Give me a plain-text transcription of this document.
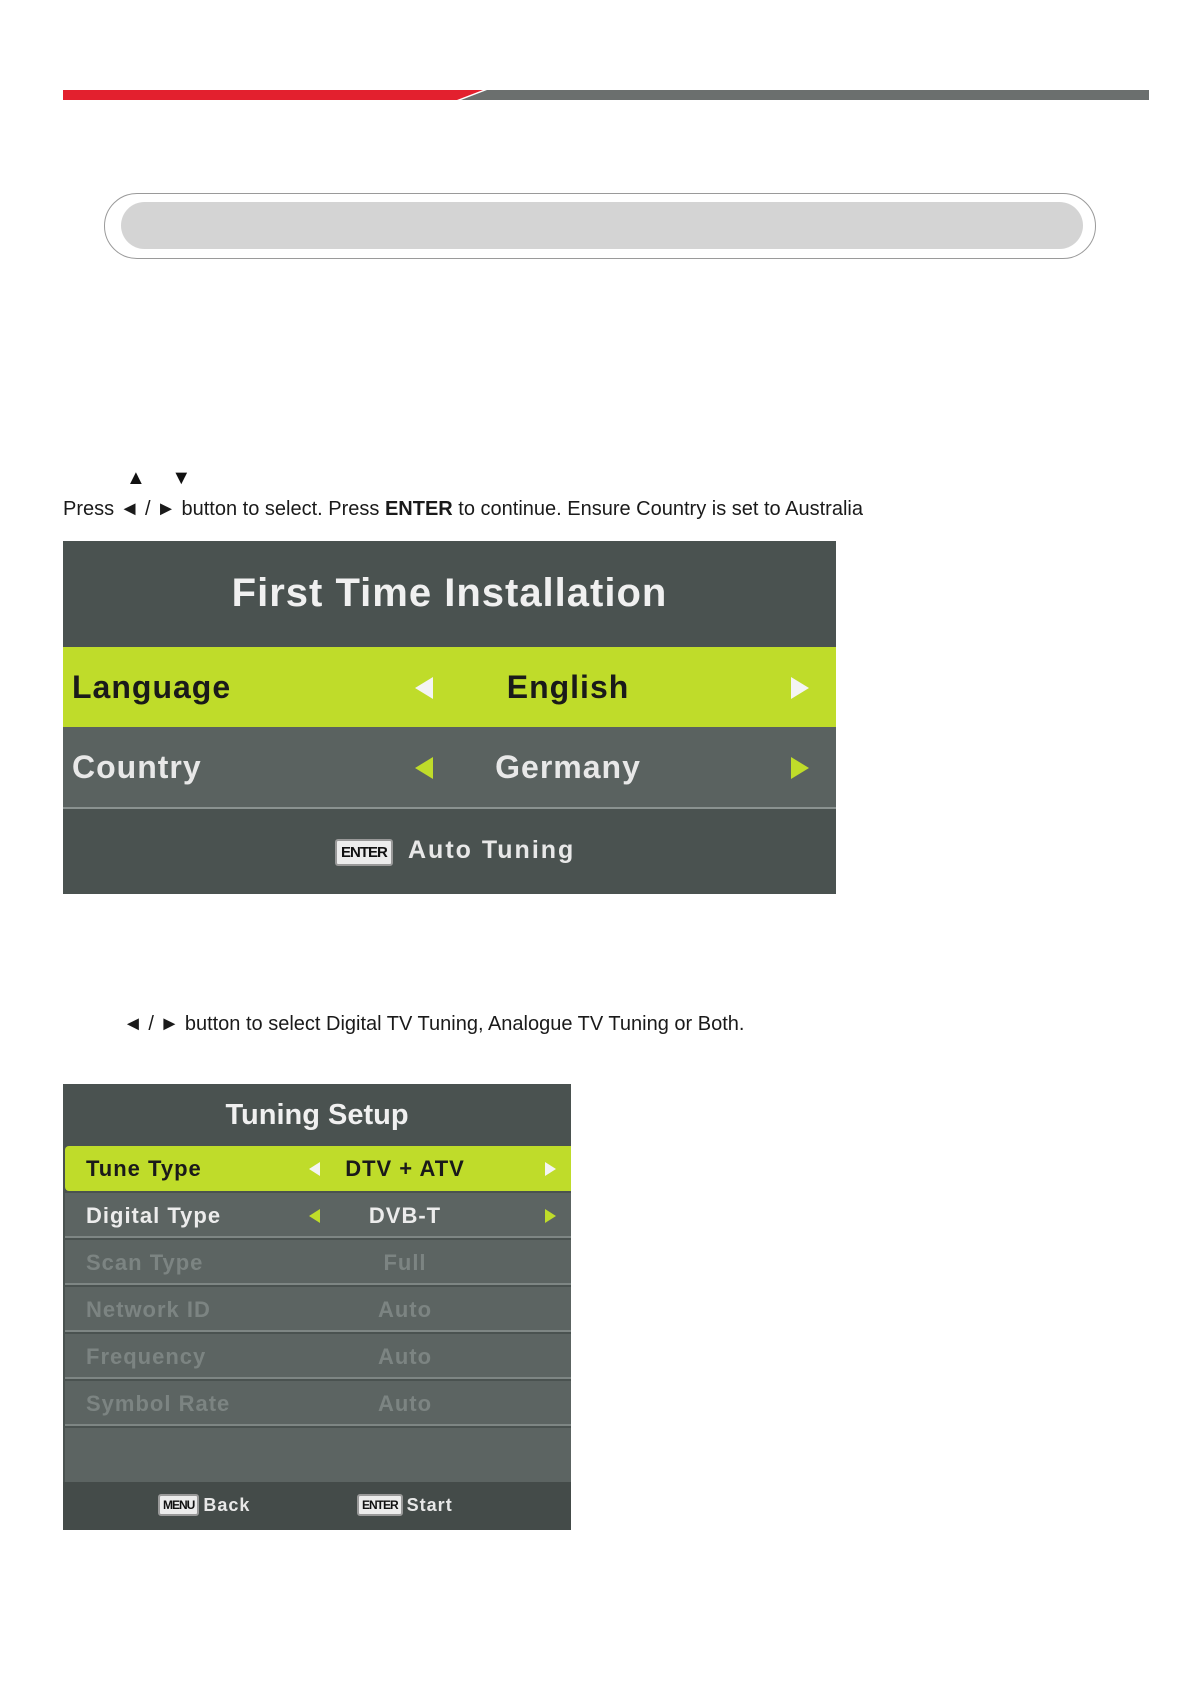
▲ ▼
Press ◄ / ► button to select. Press ENTER to continue. Ensure Country is set to Australia
First Time Installation
Language	English
Country	Germany
ENTER Auto Tuning
◄ / ► button to select Digital TV Tuning, Analogue TV Tuning or Both.
Tuning Setup
Tune Type	DTV + ATV
Digital Type	DVB-T
Scan Type	Full
Network ID	Auto
Frequency	Auto
Symbol Rate	Auto
MENU Back	ENTER Start
